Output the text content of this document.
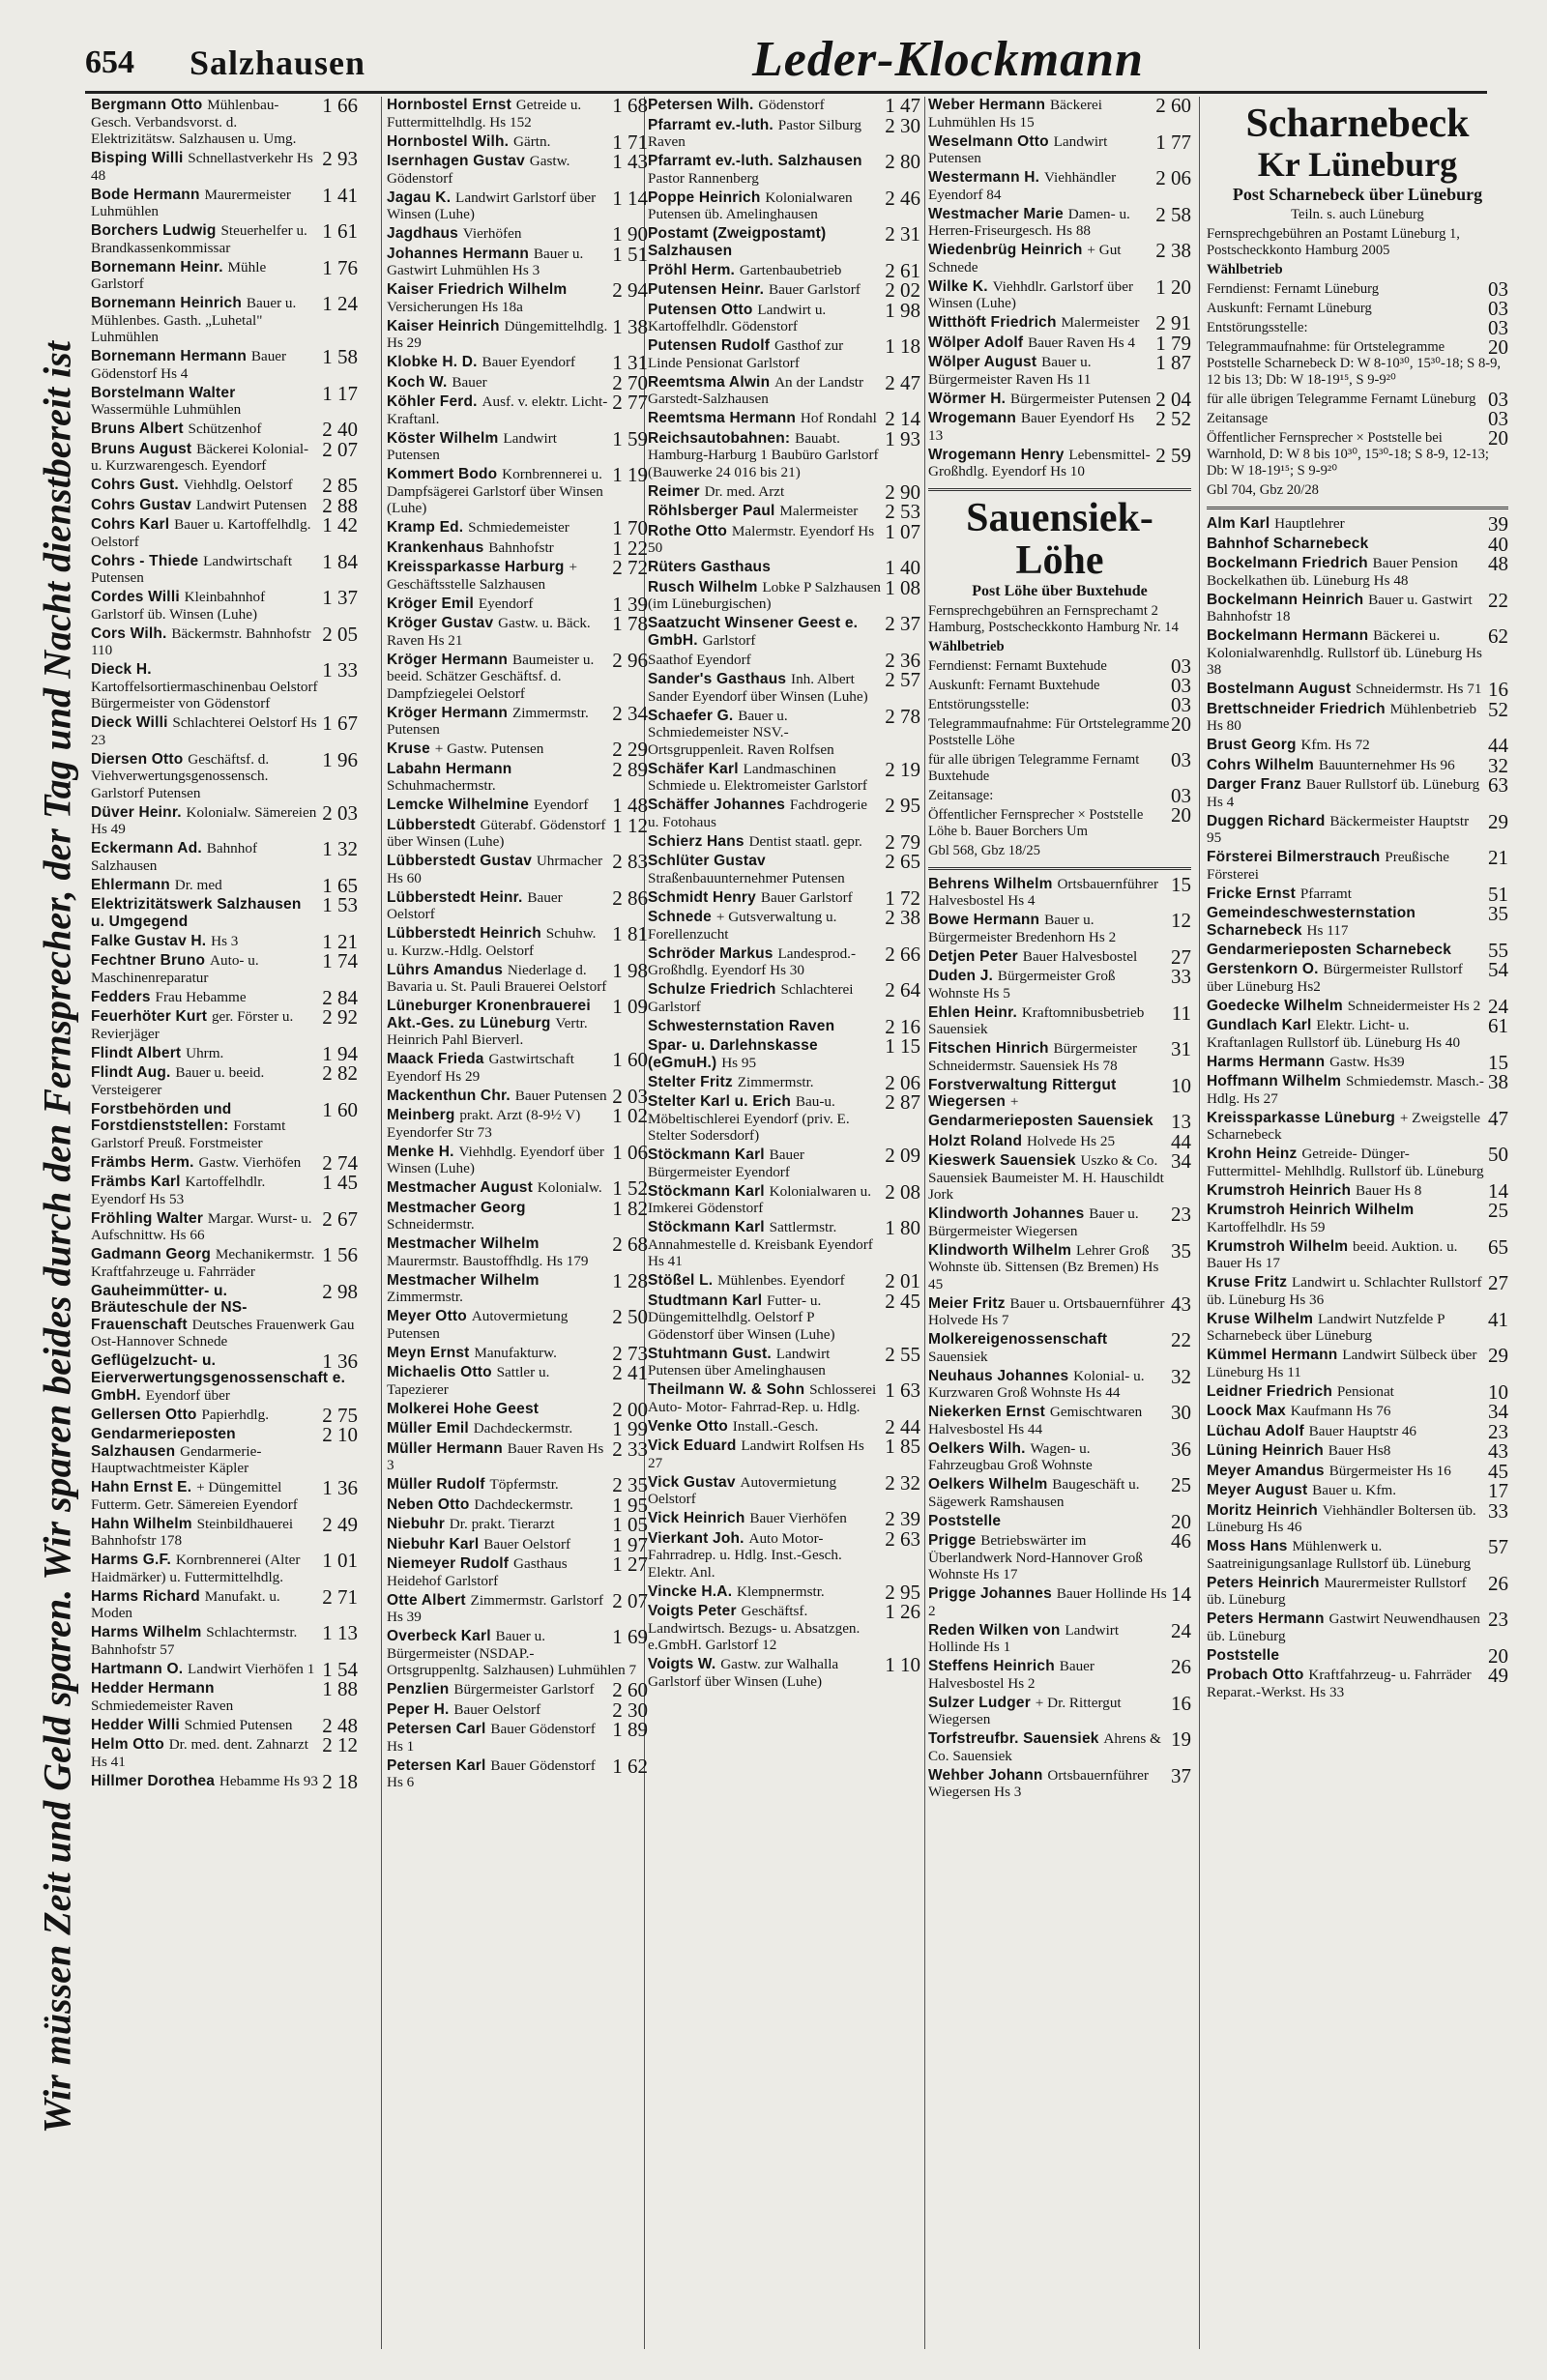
654 Salzhausen	Leder-Klockmann
Wir müssen Zeit und Geld sparen. Wir sparen beides durch den Fernsprecher, der Tag und Nacht dienstbereit ist
1 66
Bergmann Otto Mühlenbau-Gesch. Verbandsvorst. d. Elektrizitätsw. Salzhausen u. Umg.
2 93
Bisping Willi Schnellastverkehr Hs 48
1 41
Bode Hermann Maurermeister Luhmühlen
1 61
Borchers Ludwig Steuerhelfer u. Brandkassenkommissar
1 76
Bornemann Heinr. Mühle Garlstorf
1 24
Bornemann Heinrich Bauer u. Mühlenbes. Gasth. „Luhetal" Luhmühlen
1 58
Bornemann Hermann Bauer Gödenstorf Hs 4
1 17
Borstelmann Walter Wassermühle Luhmühlen
2 40
Bruns Albert Schützenhof
2 07
Bruns August Bäckerei Kolonial- u. Kurzwarengesch. Eyendorf
2 85
Cohrs Gust. Viehhdlg. Oelstorf
2 88
Cohrs Gustav Landwirt Putensen
1 42
Cohrs Karl Bauer u. Kartoffelhdlg. Oelstorf
1 84
Cohrs - Thiede Landwirtschaft Putensen
1 37
Cordes Willi Kleinbahnhof Garlstorf üb. Winsen (Luhe)
2 05
Cors Wilh. Bäckermstr. Bahnhofstr 110
1 33
Dieck H. Kartoffelsortiermaschinenbau Oelstorf Bürgermeister von Gödenstorf
1 67
Dieck Willi Schlachterei Oelstorf Hs 23
1 96
Diersen Otto Geschäftsf. d. Viehverwertungsgenossensch. Garlstorf Putensen
2 03
Düver Heinr. Kolonialw. Sämereien Hs 49
1 32
Eckermann Ad. Bahnhof Salzhausen
1 65
Ehlermann Dr. med
1 53
Elektrizitätswerk Salzhausen u. Umgegend
1 21
Falke Gustav H. Hs 3
1 74
Fechtner Bruno Auto- u. Maschinenreparatur
2 84
Fedders Frau Hebamme
2 92
Feuerhöter Kurt ger. Förster u. Revierjäger
1 94
Flindt Albert Uhrm.
2 82
Flindt Aug. Bauer u. beeid. Versteigerer
1 60
Forstbehörden und Forstdienststellen: Forstamt Garlstorf Preuß. Forstmeister
2 74
Främbs Herm. Gastw. Vierhöfen
1 45
Främbs Karl Kartoffelhdlr. Eyendorf Hs 53
2 67
Fröhling Walter Margar. Wurst- u. Aufschnittw. Hs 66
1 56
Gadmann Georg Mechanikermstr. Kraftfahrzeuge u. Fahrräder
2 98
Gauheimmütter- u. Bräuteschule der NS-Frauenschaft Deutsches Frauenwerk Gau Ost-Hannover Schnede
1 36
Geflügelzucht- u. Eierverwertungsgenossenschaft e. GmbH. Eyendorf über
2 75
Gellersen Otto Papierhdlg.
2 10
Gendarmerieposten Salzhausen Gendarmerie-Hauptwachtmeister Käpler
1 36
Hahn Ernst E. + Düngemittel Futterm. Getr. Sämereien Eyendorf
2 49
Hahn Wilhelm Steinbildhauerei Bahnhofstr 178
1 01
Harms G.F. Kornbrennerei (Alter Haidmärker) u. Futtermittelhdlg.
2 71
Harms Richard Manufakt. u. Moden
1 13
Harms Wilhelm Schlachtermstr. Bahnhofstr 57
1 54
Hartmann O. Landwirt Vierhöfen 1
1 88
Hedder Hermann Schmiedemeister Raven
2 48
Hedder Willi Schmied Putensen
2 12
Helm Otto Dr. med. dent. Zahnarzt Hs 41
2 18
Hillmer Dorothea Hebamme Hs 93
1 68
Hornbostel Ernst Getreide u. Futtermittelhdlg. Hs 152
1 71
Hornbostel Wilh. Gärtn.
1 43
Isernhagen Gustav Gastw. Gödenstorf
1 14
Jagau K. Landwirt Garlstorf über Winsen (Luhe)
1 90
Jagdhaus Vierhöfen
1 51
Johannes Hermann Bauer u. Gastwirt Luhmühlen Hs 3
2 94
Kaiser Friedrich Wilhelm Versicherungen Hs 18a
1 38
Kaiser Heinrich Düngemittelhdlg. Hs 29
1 31
Klobke H. D. Bauer Eyendorf
2 70
Koch W. Bauer
2 77
Köhler Ferd. Ausf. v. elektr. Licht-Kraftanl.
1 59
Köster Wilhelm Landwirt Putensen
1 19
Kommert Bodo Kornbrennerei u. Dampfsägerei Garlstorf über Winsen (Luhe)
1 70
Kramp Ed. Schmiedemeister
1 22
Krankenhaus Bahnhofstr
2 72
Kreissparkasse Harburg + Geschäftsstelle Salzhausen
1 39
Kröger Emil Eyendorf
1 78
Kröger Gustav Gastw. u. Bäck. Raven Hs 21
2 96
Kröger Hermann Baumeister u. beeid. Schätzer Geschäftsf. d. Dampfziegelei Oelstorf
2 34
Kröger Hermann Zimmermstr. Putensen
2 29
Kruse + Gastw. Putensen
2 89
Labahn Hermann Schuhmachermstr.
1 48
Lemcke Wilhelmine Eyendorf
1 12
Lübberstedt Güterabf. Gödenstorf über Winsen (Luhe)
2 83
Lübberstedt Gustav Uhrmacher Hs 60
2 86
Lübberstedt Heinr. Bauer Oelstorf
1 81
Lübberstedt Heinrich Schuhw. u. Kurzw.-Hdlg. Oelstorf
1 98
Lührs Amandus Niederlage d. Bavaria u. St. Pauli Brauerei Oelstorf
1 09
Lüneburger Kronenbrauerei Akt.-Ges. zu Lüneburg Vertr. Heinrich Pahl Bierverl.
1 60
Maack Frieda Gastwirtschaft Eyendorf Hs 29
2 03
Mackenthun Chr. Bauer Putensen
1 02
Meinberg prakt. Arzt (8-9½ V) Eyendorfer Str 73
1 06
Menke H. Viehhdlg. Eyendorf über Winsen (Luhe)
1 52
Mestmacher August Kolonialw.
1 82
Mestmacher Georg Schneidermstr.
2 68
Mestmacher Wilhelm Maurermstr. Baustoffhdlg. Hs 179
1 28
Mestmacher Wilhelm Zimmermstr.
2 50
Meyer Otto Autovermietung Putensen
2 73
Meyn Ernst Manufakturw.
2 41
Michaelis Otto Sattler u. Tapezierer
2 00
Molkerei Hohe Geest
1 99
Müller Emil Dachdeckermstr.
2 33
Müller Hermann Bauer Raven Hs 3
2 35
Müller Rudolf Töpfermstr.
1 95
Neben Otto Dachdeckermstr.
1 05
Niebuhr Dr. prakt. Tierarzt
1 97
Niebuhr Karl Bauer Oelstorf
1 27
Niemeyer Rudolf Gasthaus Heidehof Garlstorf
2 07
Otte Albert Zimmermstr. Garlstorf Hs 39
1 69
Overbeck Karl Bauer u. Bürgermeister (NSDAP.-Ortsgruppenltg. Salzhausen) Luhmühlen 7
2 60
Penzlien Bürgermeister Garlstorf
2 30
Peper H. Bauer Oelstorf
1 89
Petersen Carl Bauer Gödenstorf Hs 1
1 62
Petersen Karl Bauer Gödenstorf Hs 6
1 47
Petersen Wilh. Gödenstorf
2 30
Pfarramt ev.-luth. Pastor Silburg Raven
2 80
Pfarramt ev.-luth. Salzhausen Pastor Rannenberg
2 46
Poppe Heinrich Kolonialwaren Putensen üb. Amelinghausen
2 31
Postamt (Zweigpostamt) Salzhausen
2 61
Pröhl Herm. Gartenbaubetrieb
2 02
Putensen Heinr. Bauer Garlstorf
1 98
Putensen Otto Landwirt u. Kartoffelhdlr. Gödenstorf
1 18
Putensen Rudolf Gasthof zur Linde Pensionat Garlstorf
2 47
Reemtsma Alwin An der Landstr Garstedt-Salzhausen
2 14
Reemtsma Hermann Hof Rondahl
1 93
Reichsautobahnen: Bauabt. Hamburg-Harburg 1 Baubüro Garlstorf (Bauwerke 24 016 bis 21)
2 90
Reimer Dr. med. Arzt
2 53
Röhlsberger Paul Malermeister
1 07
Rothe Otto Malermstr. Eyendorf Hs 50
1 40
Rüters Gasthaus
1 08
Rusch Wilhelm Lobke P Salzhausen (im Lüneburgischen)
2 37
Saatzucht Winsener Geest e. GmbH. Garlstorf
2 36
Saathof Eyendorf
2 57
Sander's Gasthaus Inh. Albert Sander Eyendorf über Winsen (Luhe)
2 78
Schaefer G. Bauer u. Schmiedemeister NSV.-Ortsgruppenleit. Raven Rolfsen
2 19
Schäfer Karl Landmaschinen Schmiede u. Elektromeister Garlstorf
2 95
Schäffer Johannes Fachdrogerie u. Fotohaus
2 79
Schierz Hans Dentist staatl. gepr.
2 65
Schlüter Gustav Straßenbauunternehmer Putensen
1 72
Schmidt Henry Bauer Garlstorf
2 38
Schnede + Gutsverwaltung u. Forellenzucht
2 66
Schröder Markus Landesprod.- Großhdlg. Eyendorf Hs 30
2 64
Schulze Friedrich Schlachterei Garlstorf
2 16
Schwesternstation Raven
1 15
Spar- u. Darlehnskasse (eGmuH.) Hs 95
2 06
Stelter Fritz Zimmermstr.
2 87
Stelter Karl u. Erich Bau-u. Möbeltischlerei Eyendorf (priv. E. Stelter Sodersdorf)
2 09
Stöckmann Karl Bauer Bürgermeister Eyendorf
2 08
Stöckmann Karl Kolonialwaren u. Imkerei Gödenstorf
1 80
Stöckmann Karl Sattlermstr. Annahmestelle d. Kreisbank Eyendorf Hs 41
2 01
Stößel L. Mühlenbes. Eyendorf
2 45
Studtmann Karl Futter- u. Düngemittelhdlg. Oelstorf P Gödenstorf über Winsen (Luhe)
2 55
Stuhtmann Gust. Landwirt Putensen über Amelinghausen
1 63
Theilmann W. & Sohn Schlosserei Auto- Motor- Fahrrad-Rep. u. Hdlg.
2 44
Venke Otto Install.-Gesch.
1 85
Vick Eduard Landwirt Rolfsen Hs 27
2 32
Vick Gustav Autovermietung Oelstorf
2 39
Vick Heinrich Bauer Vierhöfen
2 63
Vierkant Joh. Auto Motor-Fahrradrep. u. Hdlg. Inst.-Gesch. Elektr. Anl.
2 95
Vincke H.A. Klempnermstr.
1 26
Voigts Peter Geschäftsf. Landwirtsch. Bezugs- u. Absatzgen. e.GmbH. Garlstorf 12
1 10
Voigts W. Gastw. zur Walhalla Garlstorf über Winsen (Luhe)
2 60
Weber Hermann Bäckerei Luhmühlen Hs 15
1 77
Weselmann Otto Landwirt Putensen
2 06
Westermann H. Viehhändler Eyendorf 84
2 58
Westmacher Marie Damen- u. Herren-Friseurgesch. Hs 88
2 38
Wiedenbrüg Heinrich + Gut Schnede
1 20
Wilke K. Viehhdlr. Garlstorf über Winsen (Luhe)
2 91
Witthöft Friedrich Malermeister
1 79
Wölper Adolf Bauer Raven Hs 4
1 87
Wölper August Bauer u. Bürgermeister Raven Hs 11
2 04
Wörmer H. Bürgermeister Putensen
2 52
Wrogemann Bauer Eyendorf Hs 13
2 59
Wrogemann Henry Lebensmittel-Großhdlg. Eyendorf Hs 10
Sauensiek-Löhe
Post Löhe über Buxtehude
Fernsprechgebühren an Fernsprechamt 2 Hamburg, Postscheckkonto Hamburg Nr. 14
Wählbetrieb
03
Ferndienst: Fernamt Buxtehude
03
Auskunft: Fernamt Buxtehude
03
Entstörungsstelle:
20
Telegrammaufnahme: Für Ortstelegramme Poststelle Löhe
03
für alle übrigen Telegramme Fernamt Buxtehude
03
Zeitansage:
20
Öffentlicher Fernsprecher × Poststelle Löhe b. Bauer Borchers Um
Gbl 568, Gbz 18/25
15
Behrens Wilhelm Ortsbauernführer Halvesbostel Hs 4
12
Bowe Hermann Bauer u. Bürgermeister Bredenhorn Hs 2
27
Detjen Peter Bauer Halvesbostel
33
Duden J. Bürgermeister Groß Wohnste Hs 5
11
Ehlen Heinr. Kraftomnibusbetrieb Sauensiek
31
Fitschen Hinrich Bürgermeister Schneidermstr. Sauensiek Hs 78
10
Forstverwaltung Rittergut Wiegersen +
13
Gendarmerieposten Sauensiek
44
Holzt Roland Holvede Hs 25
34
Kieswerk Sauensiek Uszko & Co. Sauensiek Baumeister M. H. Hauschildt Jork
23
Klindworth Johannes Bauer u. Bürgermeister Wiegersen
35
Klindworth Wilhelm Lehrer Groß Wohnste üb. Sittensen (Bz Bremen) Hs 45
43
Meier Fritz Bauer u. Ortsbauernführer Holvede Hs 7
22
Molkereigenossenschaft Sauensiek
32
Neuhaus Johannes Kolonial- u. Kurzwaren Groß Wohnste Hs 44
30
Niekerken Ernst Gemischtwaren Halvesbostel Hs 44
36
Oelkers Wilh. Wagen- u. Fahrzeugbau Groß Wohnste
25
Oelkers Wilhelm Baugeschäft u. Sägewerk Ramshausen
20
Poststelle
46
Prigge Betriebswärter im Überlandwerk Nord-Hannover Groß Wohnste Hs 17
14
Prigge Johannes Bauer Hollinde Hs 2
24
Reden Wilken von Landwirt Hollinde Hs 1
26
Steffens Heinrich Bauer Halvesbostel Hs 2
16
Sulzer Ludger + Dr. Rittergut Wiegersen
19
Torfstreufbr. Sauensiek Ahrens & Co. Sauensiek
37
Wehber Johann Ortsbauernführer Wiegersen Hs 3
Scharnebeck
Kr Lüneburg
Post Scharnebeck über Lüneburg
Teiln. s. auch Lüneburg
Fernsprechgebühren an Postamt Lüneburg 1, Postscheckkonto Hamburg 2005
Wählbetrieb
03
Ferndienst: Fernamt Lüneburg
03
Auskunft: Fernamt Lüneburg
03
Entstörungsstelle:
20
Telegrammaufnahme: für Ortstelegramme Poststelle Scharnebeck D: W 8-10³⁰, 15³⁰-18; S 8-9, 12 bis 13; Db: W 18-19¹⁵, S 9-9²⁰
03
für alle übrigen Telegramme Fernamt Lüneburg
03
Zeitansage
20
Öffentlicher Fernsprecher × Poststelle bei Warnhold, D: W 8 bis 10³⁰, 15³⁰-18; S 8-9, 12-13; Db: W 18-19¹⁵; S 9-9²⁰
Gbl 704, Gbz 20/28
39
Alm Karl Hauptlehrer
40
Bahnhof Scharnebeck
48
Bockelmann Friedrich Bauer Pension Bockelkathen üb. Lüneburg Hs 48
22
Bockelmann Heinrich Bauer u. Gastwirt Bahnhofstr 18
62
Bockelmann Hermann Bäckerei u. Kolonialwarenhdlg. Rullstorf üb. Lüneburg Hs 38
16
Bostelmann August Schneidermstr. Hs 71
52
Brettschneider Friedrich Mühlenbetrieb Hs 80
44
Brust Georg Kfm. Hs 72
32
Cohrs Wilhelm Bauunternehmer Hs 96
63
Darger Franz Bauer Rullstorf üb. Lüneburg Hs 4
29
Duggen Richard Bäckermeister Hauptstr 95
21
Försterei Bilmerstrauch Preußische Försterei
51
Fricke Ernst Pfarramt
35
Gemeindeschwesternstation Scharnebeck Hs 117
55
Gendarmerieposten Scharnebeck
54
Gerstenkorn O. Bürgermeister Rullstorf über Lüneburg Hs2
24
Goedecke Wilhelm Schneidermeister Hs 2
61
Gundlach Karl Elektr. Licht- u. Kraftanlagen Rullstorf üb. Lüneburg Hs 40
15
Harms Hermann Gastw. Hs39
38
Hoffmann Wilhelm Schmiedemstr. Masch.-Hdlg. Hs 27
47
Kreissparkasse Lüneburg + Zweigstelle Scharnebeck
50
Krohn Heinz Getreide- Dünger- Futtermittel- Mehlhdlg. Rullstorf üb. Lüneburg
14
Krumstroh Heinrich Bauer Hs 8
25
Krumstroh Heinrich Wilhelm Kartoffelhdlr. Hs 59
65
Krumstroh Wilhelm beeid. Auktion. u. Bauer Hs 17
27
Kruse Fritz Landwirt u. Schlachter Rullstorf üb. Lüneburg Hs 36
41
Kruse Wilhelm Landwirt Nutzfelde P Scharnebeck über Lüneburg
29
Kümmel Hermann Landwirt Sülbeck über Lüneburg Hs 11
10
Leidner Friedrich Pensionat
34
Loock Max Kaufmann Hs 76
23
Lüchau Adolf Bauer Hauptstr 46
43
Lüning Heinrich Bauer Hs8
45
Meyer Amandus Bürgermeister Hs 16
17
Meyer August Bauer u. Kfm.
33
Moritz Heinrich Viehhändler Boltersen üb. Lüneburg Hs 46
57
Moss Hans Mühlenwerk u. Saatreinigungsanlage Rullstorf üb. Lüneburg
26
Peters Heinrich Maurermeister Rullstorf üb. Lüneburg
23
Peters Hermann Gastwirt Neuwendhausen üb. Lüneburg
20
Poststelle
49
Probach Otto Kraftfahrzeug- u. Fahrräder Reparat.-Werkst. Hs 33
